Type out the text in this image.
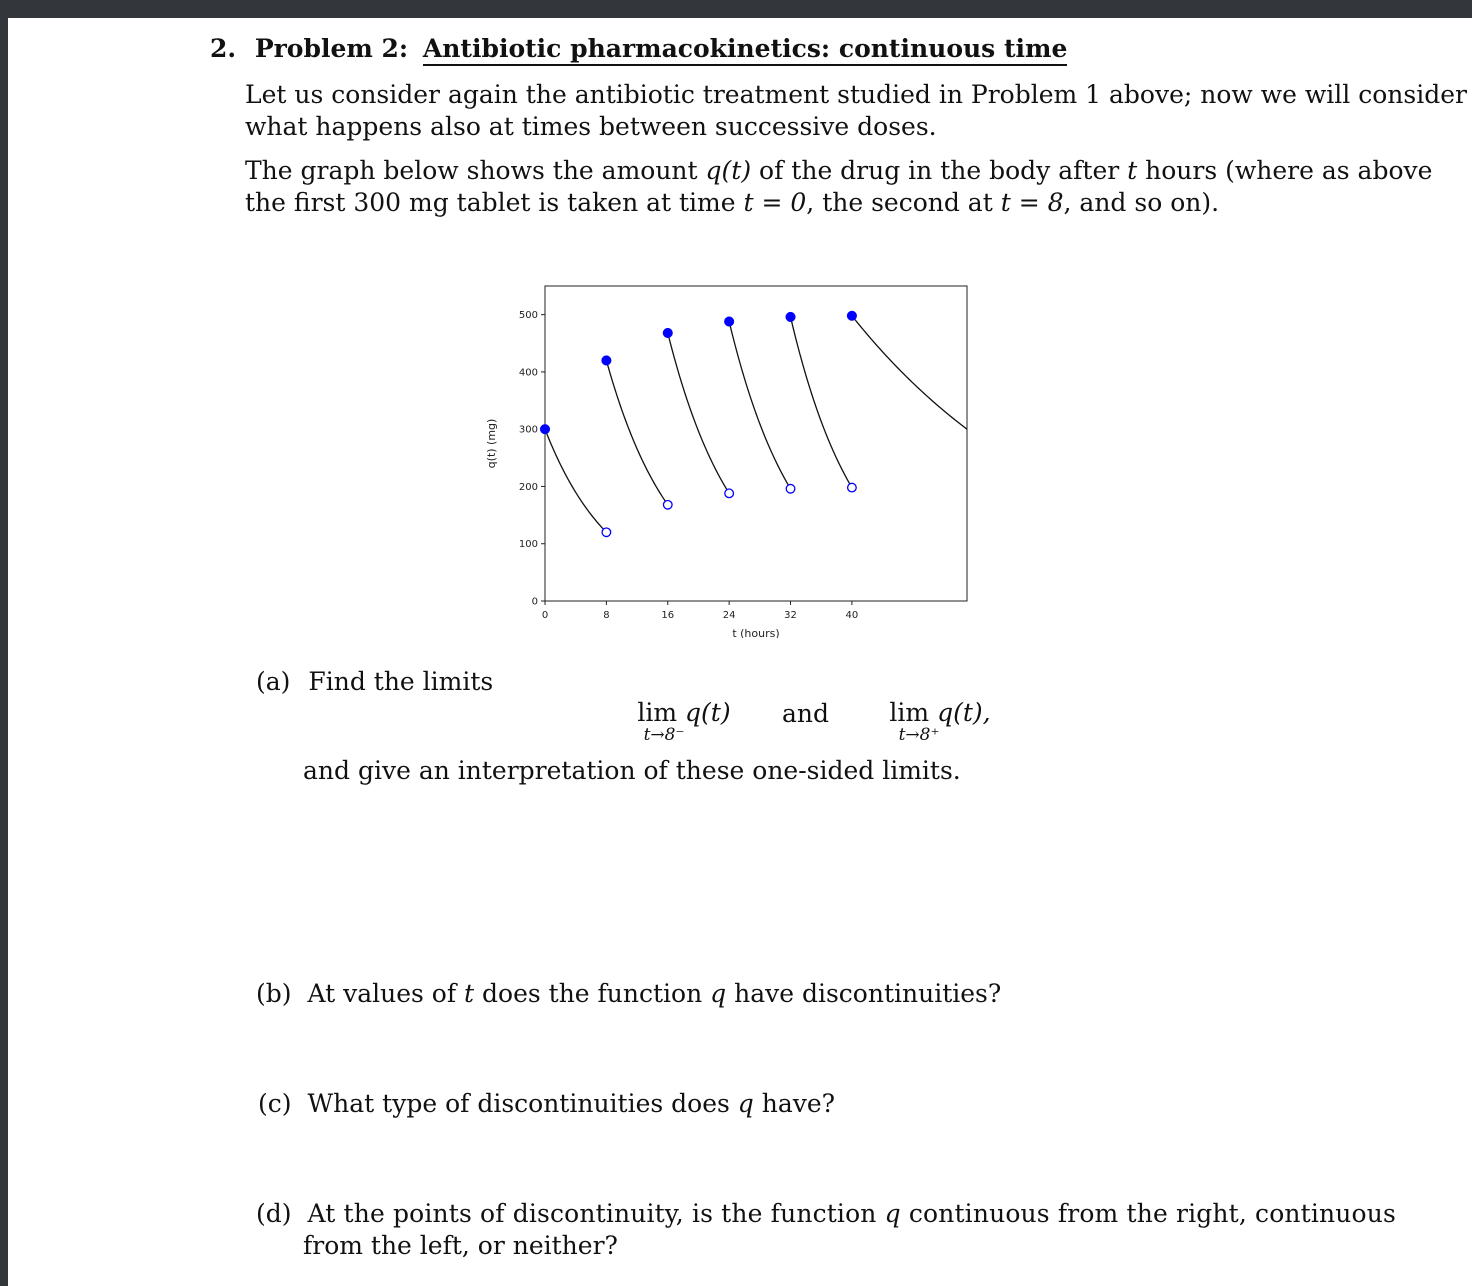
2. Problem 2: Antibiotic pharmacokinetics: continuous time
Let us consider again the antibiotic treatment studied in Problem 1 above; now we will consider
what happens also at times between successive doses.
The graph below shows the amount q(t) of the drug in the body after t hours (where as above
the first 300 mg tablet is taken at time t = 0, the second at t = 8, and so on).
0	8	16	24	32	40
0
100
200
300
400
500
t (hours)
q(t) (mg)
(a) Find the limits
lim q(t)
t→8⁻
and	lim q(t),
t→8⁺
and give an interpretation of these one-sided limits.
(b) At values of t does the function q have discontinuities?
(c) What type of discontinuities does q have?
(d) At the points of discontinuity, is the function q continuous from the right, continuous
from the left, or neither?
